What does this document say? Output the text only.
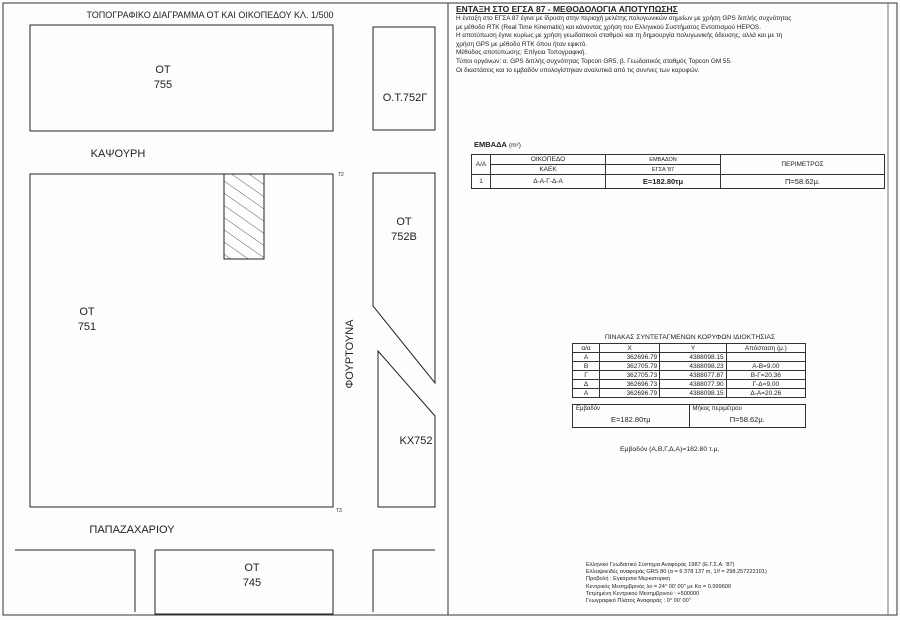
ΤΟΠΟΓΡΑΦΙΚΟ ΔΙΑΓΡΑΜΜΑ ΟΤ ΚΑΙ ΟΙΚΟΠΕΔΟΥ ΚΛ. 1/500
ΟΤ
755
Ο.Τ.752Γ
ΚΑΨΟΥΡΗ
Τ2
ΟΤ
752Β
ΟΤ
751	ΦΟΥΡΤΟΥΝΑ
ΚΧ752
Τ3
ΠΑΠΑΖΑΧΑΡΙΟΥ
ΟΤ
745
ΕΝΤΑΞΗ ΣΤΟ ΕΓΣΑ 87 - ΜΕΘΟΔΟΛΟΓΙΑ ΑΠΟΤΥΠΩΣΗΣ
Η ένταξη στο ΕΓΣΑ 87 έγινε με ίδρυση στην περιοχή μελέτης πολυγωνικών σημείων με χρήση GPS διπλής συχνότητας
με μέθοδο RTK (Real Time Kinematic) και κάνοντας χρήση του Ελληνικού Συστήματος Εντοπισμού HEPOS.
Η αποτύπωση έγινε κυρίως με χρήση γεωδαιτικού σταθμού και τη δημιουργία πολυγωνικής όδευσης, αλλά και με τη
χρήση GPS με μέθοδο RTK όπου ήταν εφικτό.
Μέθοδος αποτύπωσης: Επίγεια Τοπογραφική.
Τύποι οργάνων: α. GPS διπλής συχνότητας Topcon GR5, β. Γεωδαιτικός σταθμός Topcon GM 55.
Οι διαστάσεις και το εμβαδόν υπολογίστηκαν αναλυτικά από τις συν/νες των κορυφών.
ΕΜΒΑΔΑ (m²)
Α/Α	ΟΙΚΟΠΕΔΟ	ΕΜΒΑΔΟΝ	ΠΕΡΙΜΕΤΡΟΣ
	ΚΑΕΚ	ΕΓΣΑ '87	
1	Δ-Α-Γ-Δ-Α	Ε=182.80τμ	Π=58.62μ.
ΠΙΝΑΚΑΣ ΣΥΝΤΕΤΑΓΜΕΝΩΝ ΚΟΡΥΦΩΝ ΙΔΙΟΚΤΗΣΙΑΣ
α/α	X	Y	Απόσταση (μ.)
Α	362696.79	4388098.15	
Β	362705.79	4388098.23	Α-Β=9.00
Γ	362705.73	4388077.87	Β-Γ=20.36
Δ	362696.73	4388077.90	Γ-Δ=9.00
Α	362696.79	4388098.15	Δ-Α=20.26
Εμβαδόν
Ε=182.80τμ
	Μήκος περιμέτρου
Π=58.62μ.
Εμβαδόν (Α,Β,Γ,Δ,Α)=182.80 τ.μ.
Ελληνικό Γεωδαιτικό Σύστημα Αναφοράς 1987 (Ε.Γ.Σ.Α. '87)
Ελλειψοειδές αναφοράς GRS 80 (α = 6 378 137 m, 1/f = 298.257222101)
Προβολή : Εγκάρσια Μερκατορική
Κεντρικός Μεσημβρινός λο = 24° 00' 00" με Κο = 0.999600
Τετμημένη Κεντρικού Μεσημβρινού : +500000
Γεωγραφικό Πλάτος Αναφοράς : 0° 00' 00"
